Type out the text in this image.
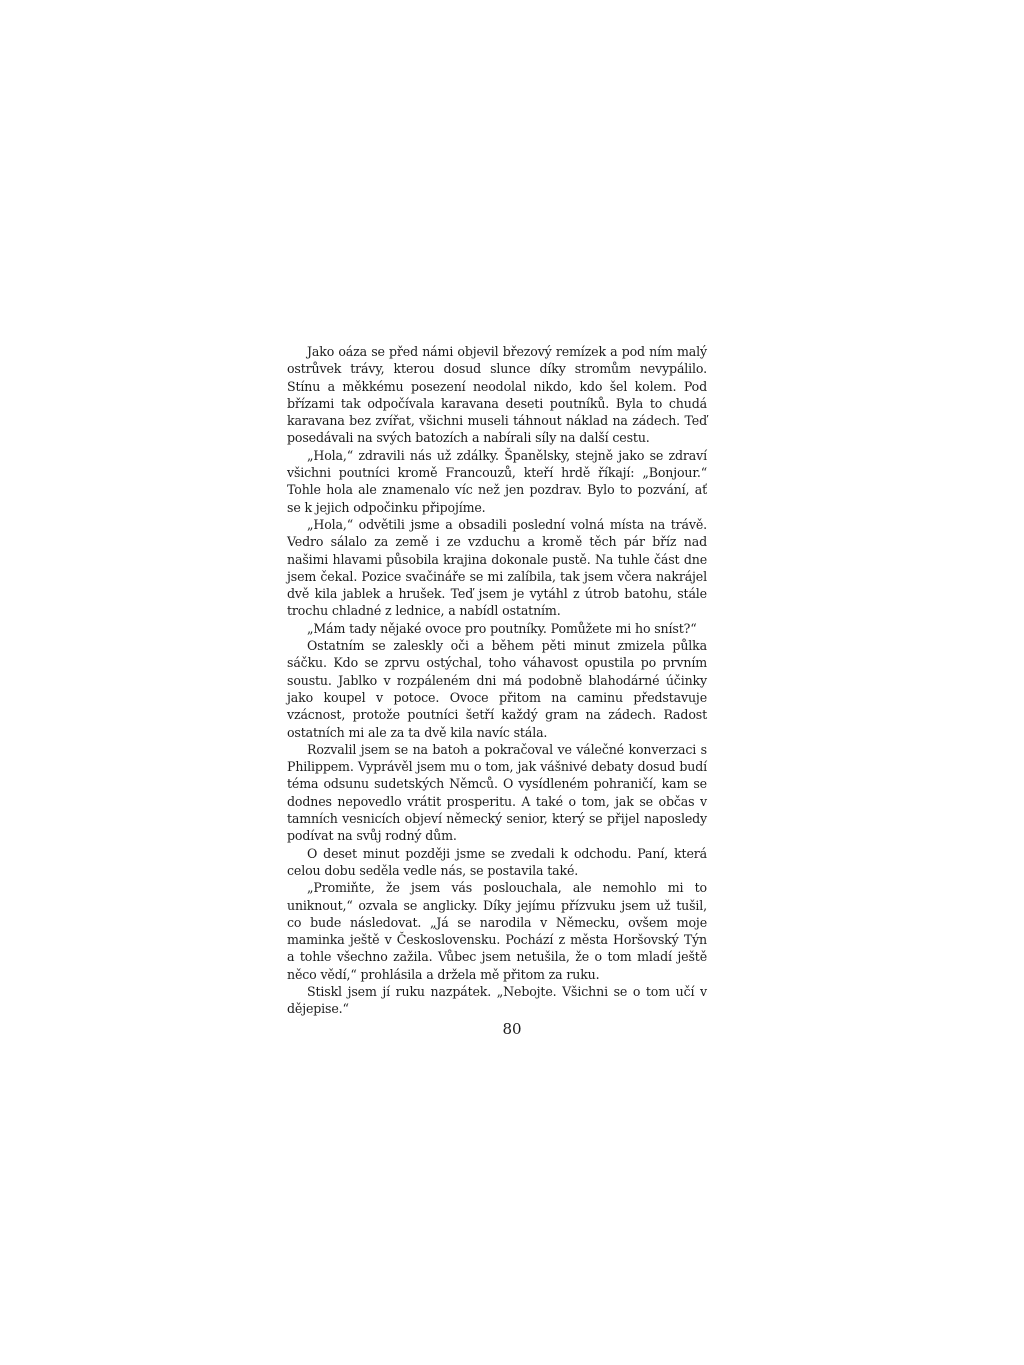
Jako oáza se před námi objevil březový remízek a pod ním malý ostrůvek trávy, kterou dosud slunce díky stromům nevypálilo. Stínu a měkkému posezení neodolal nikdo, kdo šel kolem. Pod břízami tak odpočívala karavana deseti poutníků. Byla to chudá karavana bez zvířat, všichni museli táhnout náklad na zádech. Teď posedávali na svých batozích a nabírali síly na další cestu.

„Hola,“ zdravili nás už zdálky. Španělsky, stejně jako se zdraví všichni poutníci kromě Francouzů, kteří hrdě říkají: „Bonjour.“ Tohle hola ale znamenalo víc než jen pozdrav. Bylo to pozvání, ať se k jejich odpočinku připojíme.

„Hola,“ odvětili jsme a obsadili poslední volná místa na trávě. Vedro sálalo za země i ze vzduchu a kromě těch pár bříz nad našimi hlavami působila krajina dokonale pustě. Na tuhle část dne jsem čekal. Pozice svačináře se mi zalíbila, tak jsem včera nakrájel dvě kila jablek a hrušek. Teď jsem je vytáhl z útrob batohu, stále trochu chladné z lednice, a nabídl ostatním.

„Mám tady nějaké ovoce pro poutníky. Pomůžete mi ho sníst?“

Ostatním se zaleskly oči a během pěti minut zmizela půlka sáčku. Kdo se zprvu ostýchal, toho váhavost opustila po prvním soustu. Jablko v rozpáleném dni má podobně blahodárné účinky jako koupel v potoce. Ovoce přitom na caminu představuje vzácnost, protože poutníci šetří každý gram na zádech. Radost ostatních mi ale za ta dvě kila navíc stála.

Rozvalil jsem se na batoh a pokračoval ve válečné konverzaci s Philippem. Vyprávěl jsem mu o tom, jak vášnivé debaty dosud budí téma odsunu sudetských Němců. O vysídleném pohraničí, kam se dodnes nepovedlo vrátit prosperitu. A také o tom, jak se občas v tamních vesnicích objeví německý senior, který se přijel naposledy podívat na svůj rodný dům.

O deset minut později jsme se zvedali k odchodu. Paní, která celou dobu seděla vedle nás, se postavila také.

„Promiňte, že jsem vás poslouchala, ale nemohlo mi to uniknout,“ ozvala se anglicky. Díky jejímu přízvuku jsem už tušil, co bude následovat. „Já se narodila v Německu, ovšem moje maminka ještě v Československu. Pochází z města Horšovský Týn a tohle všechno zažila. Vůbec jsem netušila, že o tom mladí ještě něco vědí,“ prohlásila a držela mě přitom za ruku.

Stiskl jsem jí ruku nazpátek. „Nebojte. Všichni se o tom učí v dějepise.“

80
